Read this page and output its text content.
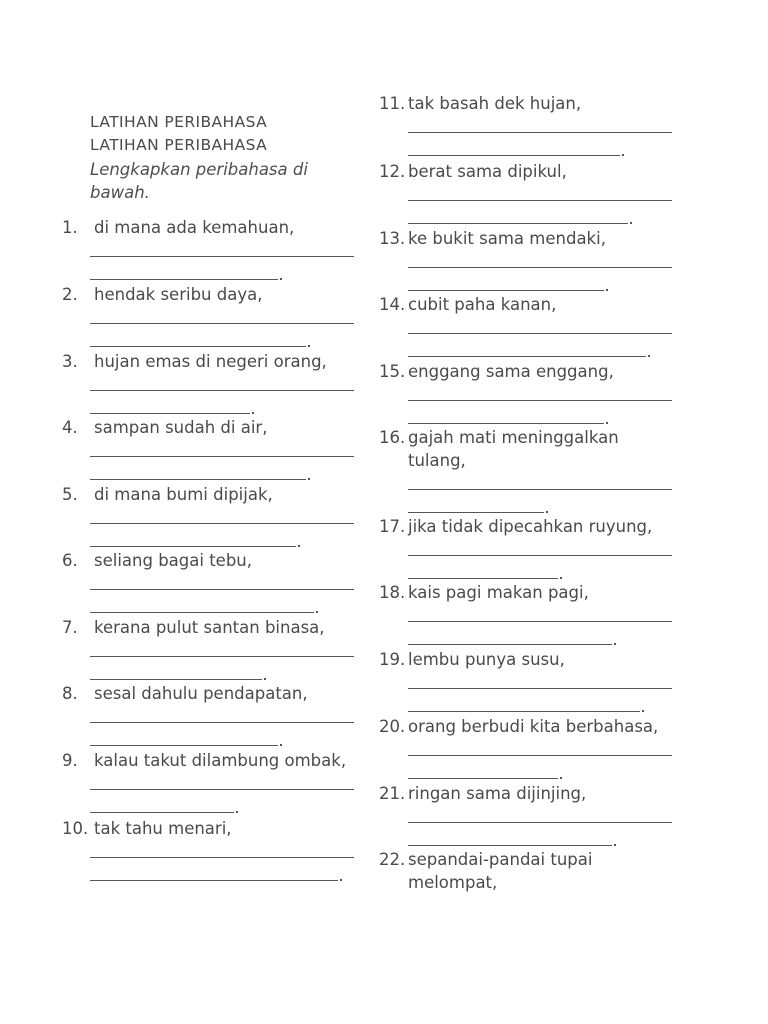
LATIHAN PERIBAHASA
LATIHAN PERIBAHASA
Lengkapkan peribahasa di bawah.
1. di mana ada kemahuan,
2. hendak seribu daya,
3. hujan emas di negeri orang,
4. sampan sudah di air,
5. di mana bumi dipijak,
6. seliang bagai tebu,
7. kerana pulut santan binasa,
8. sesal dahulu pendapatan,
9. kalau takut dilambung ombak,
10. tak tahu menari,
11. tak basah dek hujan,
12. berat sama dipikul,
13. ke bukit sama mendaki,
14. cubit paha kanan,
15. enggang sama enggang,
16. gajah mati meninggalkan
tulang,
17. jika tidak dipecahkan ruyung,
18. kais pagi makan pagi,
19. lembu punya susu,
20. orang berbudi kita berbahasa,
21. ringan sama dijinjing,
22. sepandai-pandai tupai
melompat,
